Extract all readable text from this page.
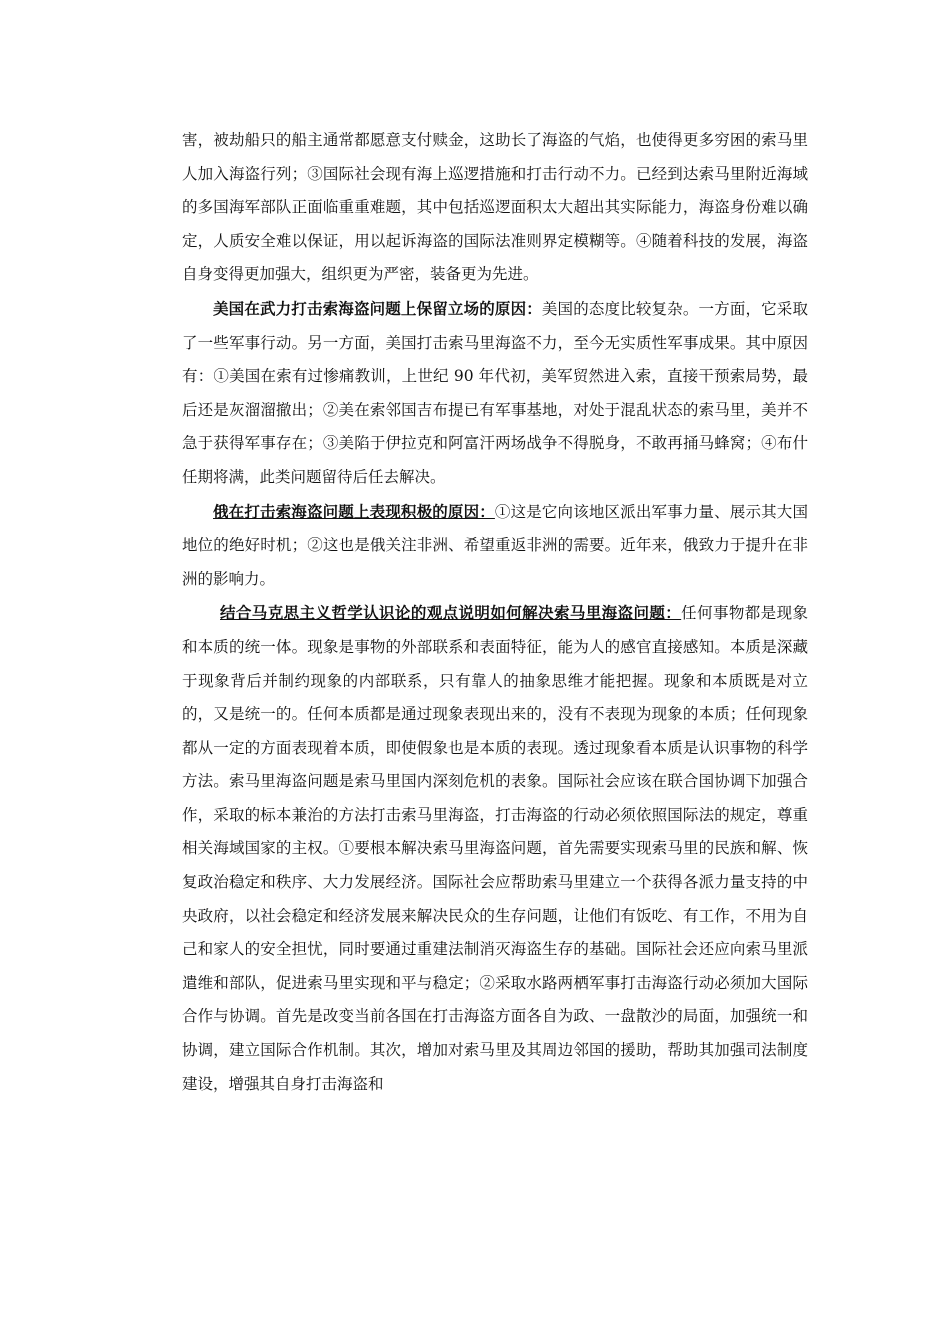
害，被劫船只的船主通常都愿意支付赎金，这助长了海盗的气焰，也使得更多穷困的索马里人加入海盗行列；③国际社会现有海上巡逻措施和打击行动不力。已经到达索马里附近海域的多国海军部队正面临重重难题，其中包括巡逻面积太大超出其实际能力，海盗身份难以确定，人质安全难以保证，用以起诉海盗的国际法准则界定模糊等。④随着科技的发展，海盗自身变得更加强大，组织更为严密，装备更为先进。

美国在武力打击索海盗问题上保留立场的原因：美国的态度比较复杂。一方面，它采取了一些军事行动。另一方面，美国打击索马里海盗不力，至今无实质性军事成果。其中原因有：①美国在索有过惨痛教训，上世纪 90 年代初，美军贸然进入索，直接干预索局势，最后还是灰溜溜撤出；②美在索邻国吉布提已有军事基地，对处于混乱状态的索马里，美并不急于获得军事存在；③美陷于伊拉克和阿富汗两场战争不得脱身，不敢再捅马蜂窝；④布什任期将满，此类问题留待后任去解决。

俄在打击索海盗问题上表现积极的原因：①这是它向该地区派出军事力量、展示其大国地位的绝好时机；②这也是俄关注非洲、希望重返非洲的需要。近年来，俄致力于提升在非洲的影响力。

结合马克思主义哲学认识论的观点说明如何解决索马里海盗问题：任何事物都是现象和本质的统一体。现象是事物的外部联系和表面特征，能为人的感官直接感知。本质是深藏于现象背后并制约现象的内部联系，只有靠人的抽象思维才能把握。现象和本质既是对立的，又是统一的。任何本质都是通过现象表现出来的，没有不表现为现象的本质；任何现象都从一定的方面表现着本质，即使假象也是本质的表现。透过现象看本质是认识事物的科学方法。索马里海盗问题是索马里国内深刻危机的表象。国际社会应该在联合国协调下加强合作，采取的标本兼治的方法打击索马里海盗，打击海盗的行动必须依照国际法的规定，尊重相关海域国家的主权。①要根本解决索马里海盗问题，首先需要实现索马里的民族和解、恢复政治稳定和秩序、大力发展经济。国际社会应帮助索马里建立一个获得各派力量支持的中央政府，以社会稳定和经济发展来解决民众的生存问题，让他们有饭吃、有工作，不用为自己和家人的安全担忧，同时要通过重建法制消灭海盗生存的基础。国际社会还应向索马里派遣维和部队，促进索马里实现和平与稳定；②采取水路两栖军事打击海盗行动必须加大国际合作与协调。首先是改变当前各国在打击海盗方面各自为政、一盘散沙的局面，加强统一和协调，建立国际合作机制。其次，增加对索马里及其周边邻国的援助，帮助其加强司法制度建设，增强其自身打击海盗和
